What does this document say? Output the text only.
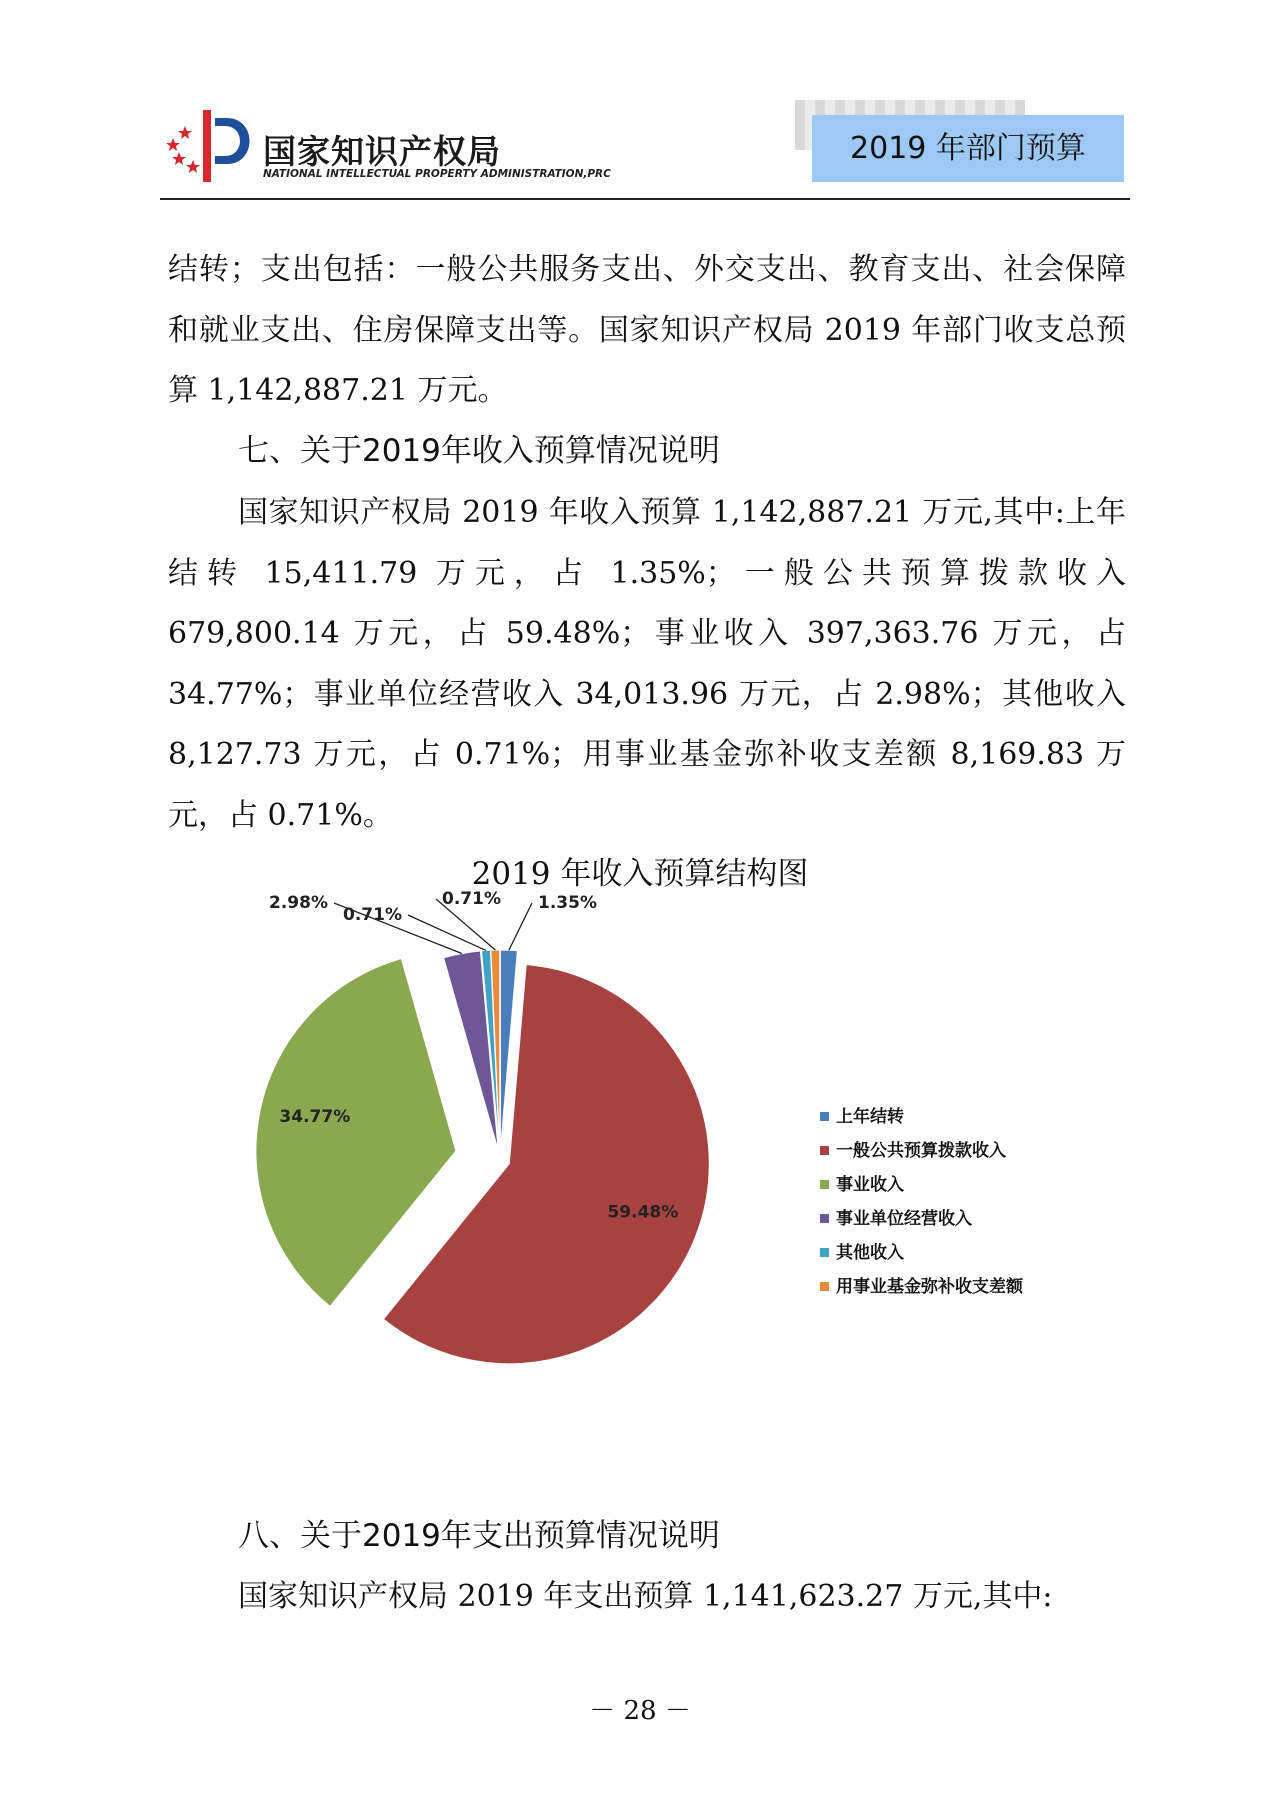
国家知识产权局
NATIONAL INTELLECTUAL PROPERTY ADMINISTRATION,PRC
2019 年部门预算
结转；支出包括：一般公共服务支出、外交支出、教育支出、社会保障和就业支出、住房保障支出等。国家知识产权局 2019 年部门收支总预算 1,142,887.21 万元。
七、关于2019年收入预算情况说明
国家知识产权局 2019 年收入预算 1,142,887.21 万元,其中:上年结转 15,411.79 万元，占 1.35%；一般公共预算拨款收入679,800.14 万元，占 59.48%；事业收入 397,363.76 万元，占34.77%；事业单位经营收入 34,013.96 万元，占 2.98%；其他收入 8,127.73 万元，占 0.71%；用事业基金弥补收支差额 8,169.83 万元，占 0.71%。
2019 年收入预算结构图
1.35%
59.48%
34.77%
2.98%
0.71%
0.71%
上年结转
一般公共预算拨款收入
事业收入
事业单位经营收入
其他收入
用事业基金弥补收支差额
八、关于2019年支出预算情况说明
国家知识产权局 2019 年支出预算 1,141,623.27 万元,其中:
－ 28 －
